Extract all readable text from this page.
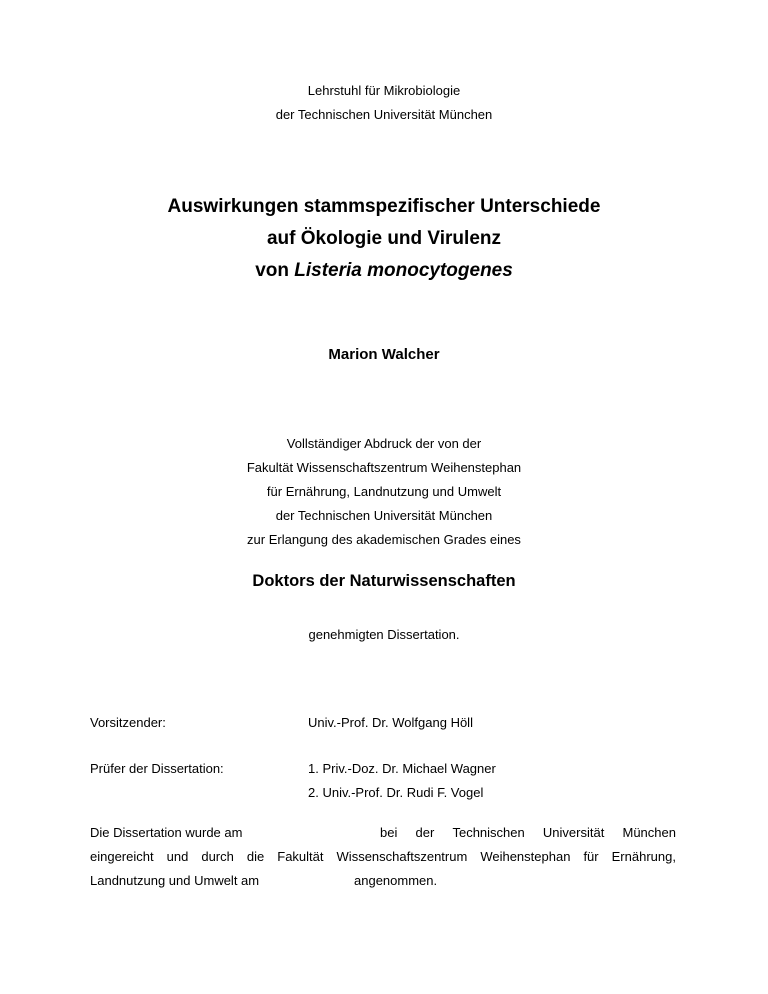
Lehrstuhl für Mikrobiologie
der Technischen Universität München
Auswirkungen stammspezifischer Unterschiede
auf Ökologie und Virulenz
von Listeria monocytogenes
Marion Walcher
Vollständiger Abdruck der von der
Fakultät Wissenschaftszentrum Weihenstephan
für Ernährung, Landnutzung und Umwelt
der Technischen Universität München
zur Erlangung des akademischen Grades eines
Doktors der Naturwissenschaften
genehmigten Dissertation.
Vorsitzender:	Univ.-Prof. Dr. Wolfgang Höll
Prüfer der Dissertation:	1. Priv.-Doz. Dr. Michael Wagner
2. Univ.-Prof. Dr. Rudi F. Vogel
Die Dissertation wurde am	bei der Technischen Universität München
eingereicht und durch die Fakultät Wissenschaftszentrum Weihenstephan für Ernährung,
Landnutzung und Umwelt am	angenommen.
